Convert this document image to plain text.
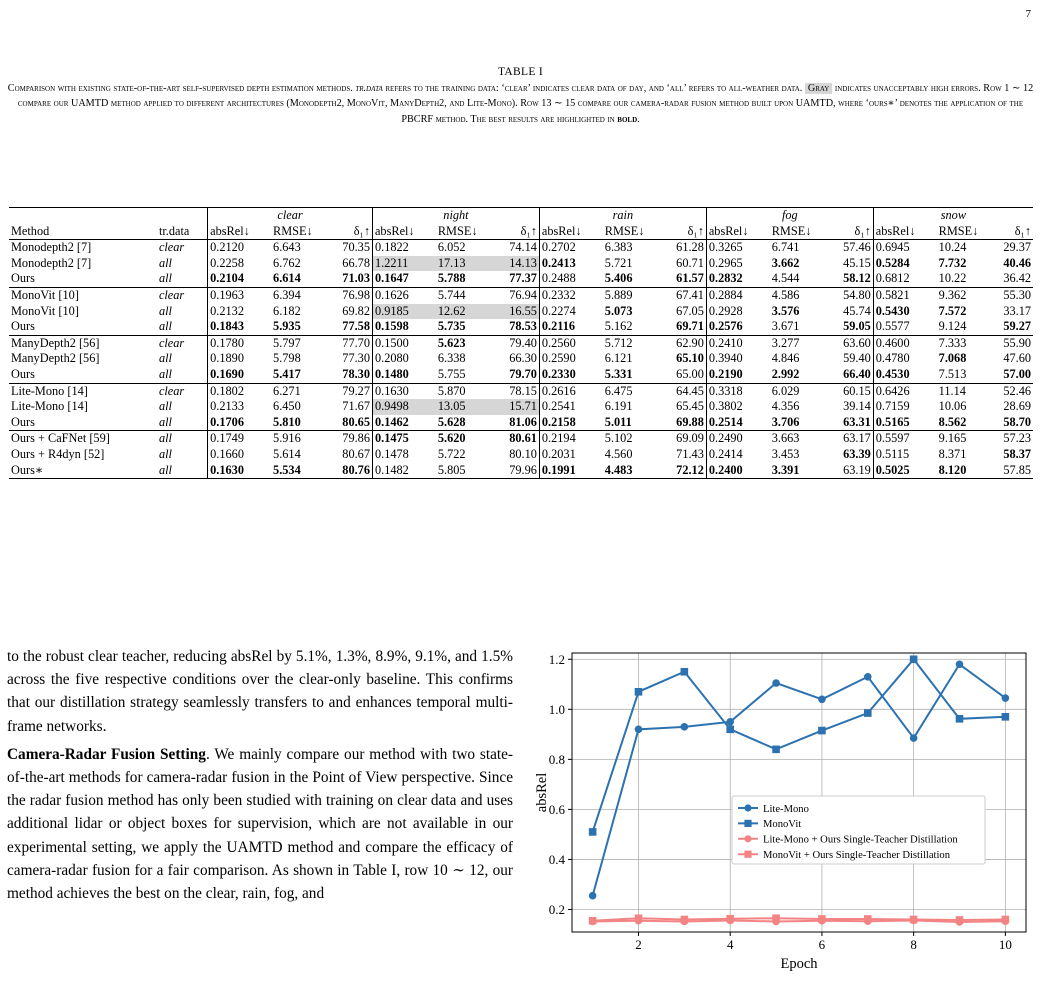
7
TABLE I
Comparison with existing state-of-the-art self-supervised depth estimation methods. tr.data refers to the training data: ‘clear’ indicates clear data of day, and ‘all’ refers to all-weather data. Gray indicates unacceptably high errors. Row 1 ∼ 12 compare our UAMTD method applied to different architectures (Monodepth2, MonoVit, ManyDepth2, and Lite-Mono). Row 13 ∼ 15 compare our camera-radar fusion method built upon UAMTD, where ‘ours∗’ denotes the application of the PBCRF method. The best results are highlighted in bold.
		clear			night			rain			fog			snow		
Method	tr.data	absRel↓	RMSE↓	δ₁↑	absRel↓	RMSE↓	δ₁↑	absRel↓	RMSE↓	δ₁↑	absRel↓	RMSE↓	δ₁↑	absRel↓	RMSE↓	δ₁↑
Monodepth2 [7]	clear	0.2120	6.643	70.35	0.1822	6.052	74.14	0.2702	6.383	61.28	0.3265	6.741	57.46	0.6945	10.24	29.37
Monodepth2 [7]	all	0.2258	6.762	66.78	1.2211	17.13	14.13	0.2413	5.721	60.71	0.2965	3.662	45.15	0.5284	7.732	40.46
Ours	all	0.2104	6.614	71.03	0.1647	5.788	77.37	0.2488	5.406	61.57	0.2832	4.544	58.12	0.6812	10.22	36.42
MonoVit [10]	clear	0.1963	6.394	76.98	0.1626	5.744	76.94	0.2332	5.889	67.41	0.2884	4.586	54.80	0.5821	9.362	55.30
MonoVit [10]	all	0.2132	6.182	69.82	0.9185	12.62	16.55	0.2274	5.073	67.05	0.2928	3.576	45.74	0.5430	7.572	33.17
Ours	all	0.1843	5.935	77.58	0.1598	5.735	78.53	0.2116	5.162	69.71	0.2576	3.671	59.05	0.5577	9.124	59.27
ManyDepth2 [56]	clear	0.1780	5.797	77.70	0.1500	5.623	79.40	0.2560	5.712	62.90	0.2410	3.277	63.60	0.4600	7.333	55.90
ManyDepth2 [56]	all	0.1890	5.798	77.30	0.2080	6.338	66.30	0.2590	6.121	65.10	0.3940	4.846	59.40	0.4780	7.068	47.60
Ours	all	0.1690	5.417	78.30	0.1480	5.755	79.70	0.2330	5.331	65.00	0.2190	2.992	66.40	0.4530	7.513	57.00
Lite-Mono [14]	clear	0.1802	6.271	79.27	0.1630	5.870	78.15	0.2616	6.475	64.45	0.3318	6.029	60.15	0.6426	11.14	52.46
Lite-Mono [14]	all	0.2133	6.450	71.67	0.9498	13.05	15.71	0.2541	6.191	65.45	0.3802	4.356	39.14	0.7159	10.06	28.69
Ours	all	0.1706	5.810	80.65	0.1462	5.628	81.06	0.2158	5.011	69.88	0.2514	3.706	63.31	0.5165	8.562	58.70
Ours + CaFNet [59]	all	0.1749	5.916	79.86	0.1475	5.620	80.61	0.2194	5.102	69.09	0.2490	3.663	63.17	0.5597	9.165	57.23
Ours + R4dyn [52]	all	0.1660	5.614	80.67	0.1478	5.722	80.10	0.2031	4.560	71.43	0.2414	3.453	63.39	0.5115	8.371	58.37
Ours∗	all	0.1630	5.534	80.76	0.1482	5.805	79.96	0.1991	4.483	72.12	0.2400	3.391	63.19	0.5025	8.120	57.85

to the robust clear teacher, reducing absRel by 5.1%, 1.3%, 8.9%, 9.1%, and 1.5% across the five respective conditions over the clear-only baseline. This confirms that our distillation strategy seamlessly transfers to and enhances temporal multi-frame networks.

Camera-Radar Fusion Setting. We mainly compare our method with two state-of-the-art methods for camera-radar fusion in the Point of View perspective. Since the radar fusion method has only been studied with training on clear data and uses additional lidar or object boxes for supervision, which are not available in our experimental setting, we apply the UAMTD method and compare the efficacy of camera-radar fusion for a fair comparison. As shown in Table I, row 10 ∼ 12, our method achieves the best on the clear, rain, fog, and

2	4	6	8	10
0.2
0.4
0.6
0.8
1.0
1.2
Epoch
absRel	Lite-Mono
MonoVit
Lite-Mono + Ours Single-Teacher Distillation
MonoVit + Ours Single-Teacher Distillation
